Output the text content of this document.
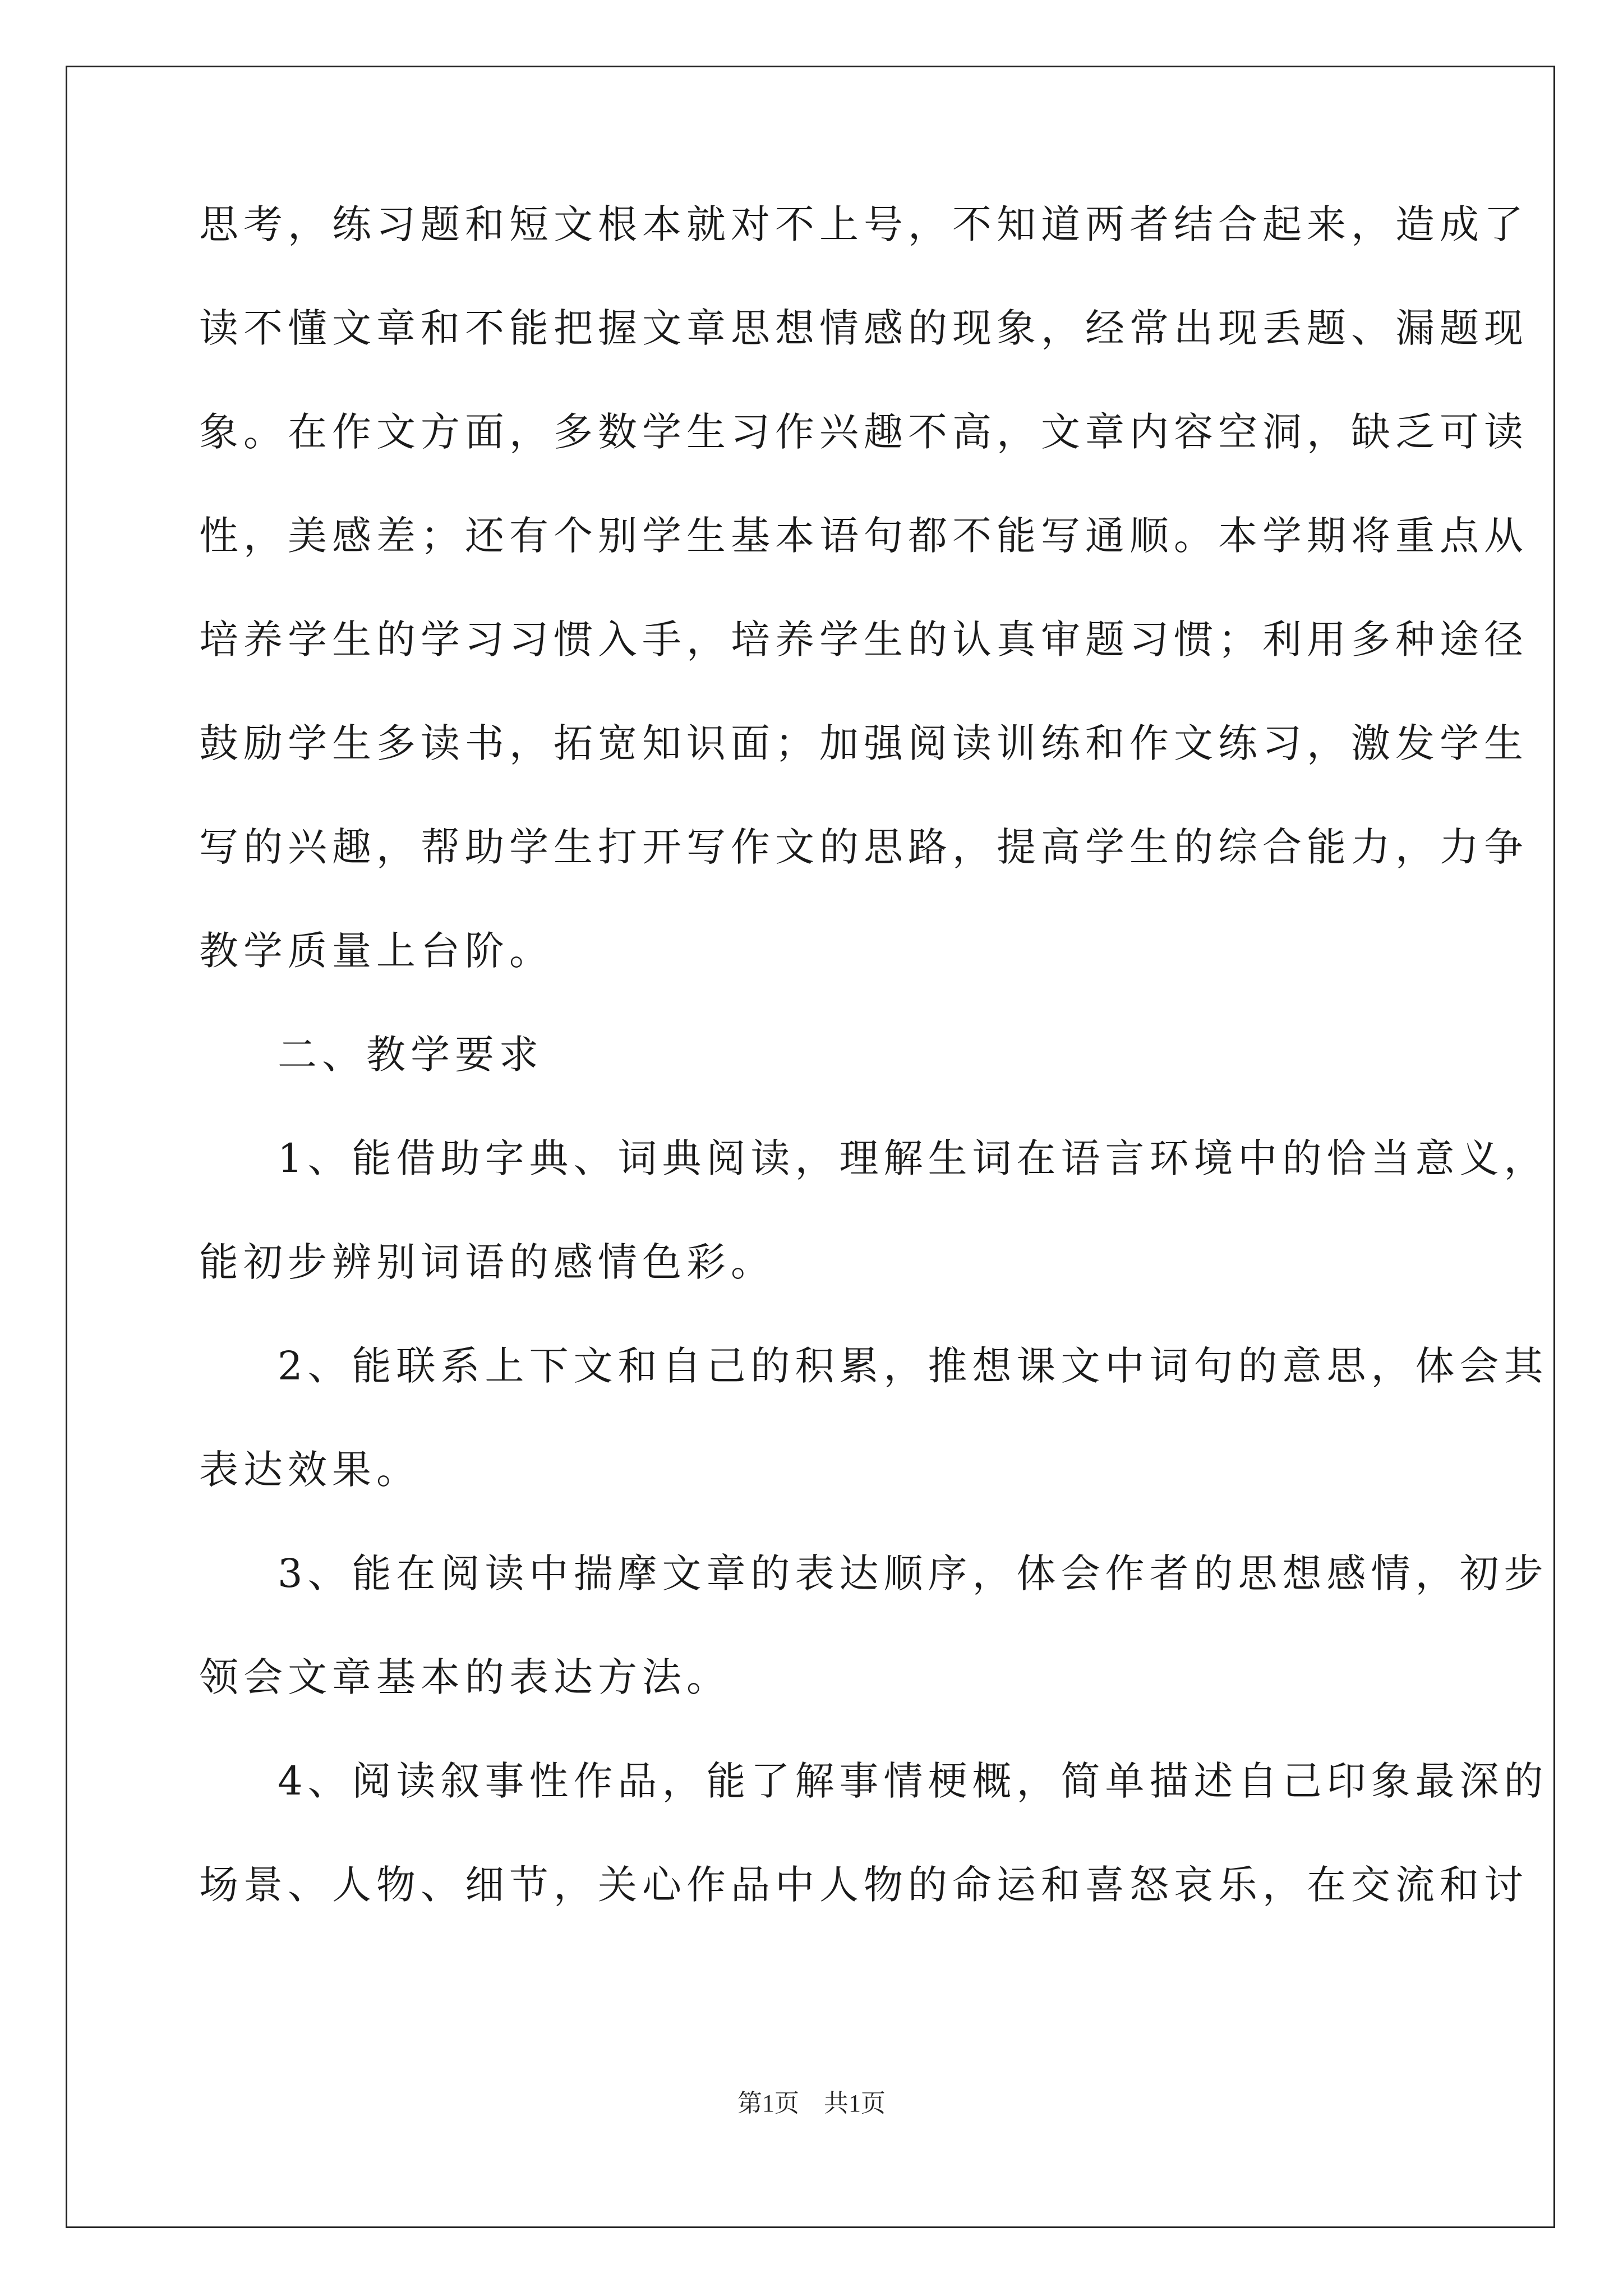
思考，练习题和短文根本就对不上号，不知道两者结合起来，造成了
读不懂文章和不能把握文章思想情感的现象，经常出现丢题、漏题现
象。在作文方面，多数学生习作兴趣不高，文章内容空洞，缺乏可读
性，美感差；还有个别学生基本语句都不能写通顺。本学期将重点从
培养学生的学习习惯入手，培养学生的认真审题习惯；利用多种途径
鼓励学生多读书，拓宽知识面；加强阅读训练和作文练习，激发学生
写的兴趣，帮助学生打开写作文的思路，提高学生的综合能力，力争
教学质量上台阶。
二、教学要求
1、能借助字典、词典阅读，理解生词在语言环境中的恰当意义，
能初步辨别词语的感情色彩。
2、能联系上下文和自己的积累，推想课文中词句的意思，体会其
表达效果。
3、能在阅读中揣摩文章的表达顺序，体会作者的思想感情，初步
领会文章基本的表达方法。
4、阅读叙事性作品，能了解事情梗概，简单描述自己印象最深的
场景、人物、细节，关心作品中人物的命运和喜怒哀乐，在交流和讨
第1页　共1页
